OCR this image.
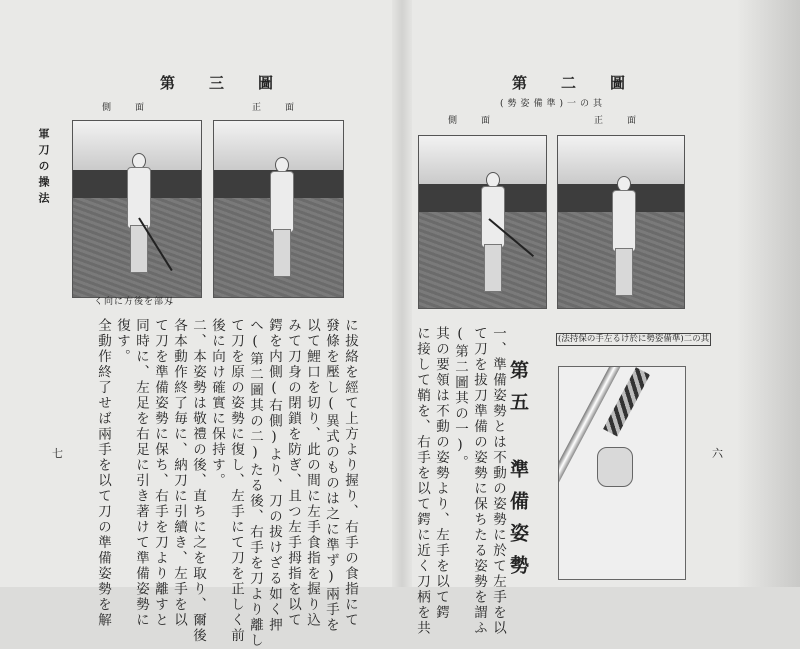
第三圖
側面	正面
刄部を後方に向く
軍刀の操法
に拔絡を經て上方より握り、右手の食指にて
發條を壓し(異式のものは之に準ず)兩手を
以て鯉口を切り、此の間に左手食指を握り込
みて刀身の閉鎖を防ぎ、且つ左手拇指を以て
鍔を内側(右側)より、刀の拔けざる如く押
へ(第二圖其の二)たる後、右手を刀より離し
て刀を原の姿勢に復し、左手にて刀を正しく前
後に向け確實に保持す。
二、本姿勢は敬禮の後、直ちに之を取り、爾後
各本動作終了毎に、納刀に引續き、左手を以
て刀を準備姿勢に保ち、右手を刀より離すと
同時に、左足を右足に引き著けて準備姿勢に
復す。
全動作終了せば兩手を以て刀の準備姿勢を解
七
第二圖
其の一(準備姿勢)
側面	正面
其の二(準備姿勢に於ける左手の保持法)
第五 準備姿勢
一、準備姿勢とは不動の姿勢に於て左手を以
て刀を拔刀準備の姿勢に保ちたる姿勢を謂ふ
(第二圖其の一)。
其の要領は不動の姿勢より、左手を以て鍔
に接して鞘を、右手を以て鍔に近く刀柄を共	六
